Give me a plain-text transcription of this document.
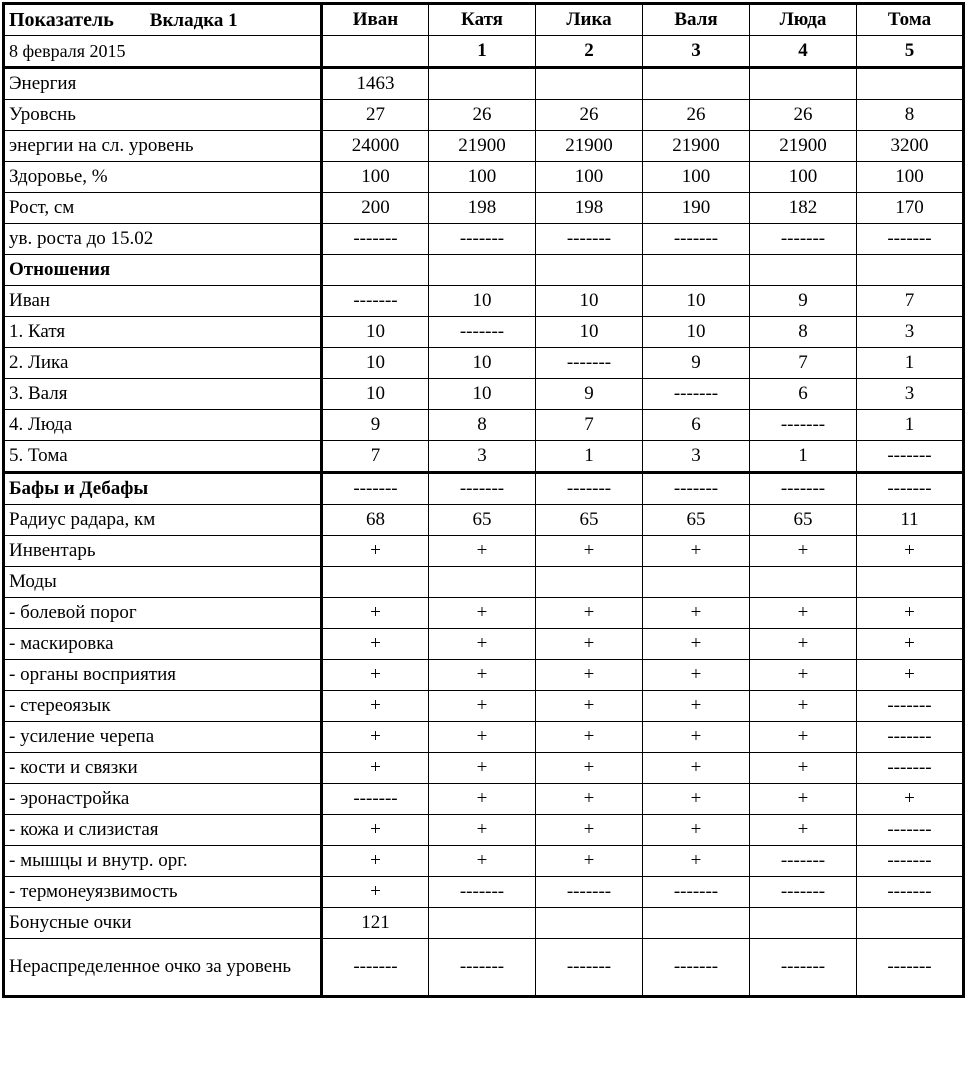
Показатель Вкладка 1	Иван	Катя	Лика	Валя	Люда	Тома
8 февраля 2015		1	2	3	4	5
Энергия	1463					
Уровснь	27	26	26	26	26	8
энергии на сл. уровень	24000	21900	21900	21900	21900	3200
Здоровье, %	100	100	100	100	100	100
Рост, см	200	198	198	190	182	170
ув. роста до 15.02	-------	-------	-------	-------	-------	-------
Отношения						
Иван	-------	10	10	10	9	7
1. Катя	10	-------	10	10	8	3
2. Лика	10	10	-------	9	7	1
3. Валя	10	10	9	-------	6	3
4. Люда	9	8	7	6	-------	1
5. Тома	7	3	1	3	1	-------
Бафы и Дебафы	-------	-------	-------	-------	-------	-------
Радиус радара, км	68	65	65	65	65	11
Инвентарь	+	+	+	+	+	+
Моды						
- болевой порог	+	+	+	+	+	+
- маскировка	+	+	+	+	+	+
- органы восприятия	+	+	+	+	+	+
- стереоязык	+	+	+	+	+	-------
- усиление черепа	+	+	+	+	+	-------
- кости и связки	+	+	+	+	+	-------
- эронастройка	-------	+	+	+	+	+
- кожа и слизистая	+	+	+	+	+	-------
- мышцы и внутр. орг.	+	+	+	+	-------	-------
- термонеуязвимость	+	-------	-------	-------	-------	-------
Бонусные очки	121					
Нераспределенное очко за уровень	-------	-------	-------	-------	-------	-------
